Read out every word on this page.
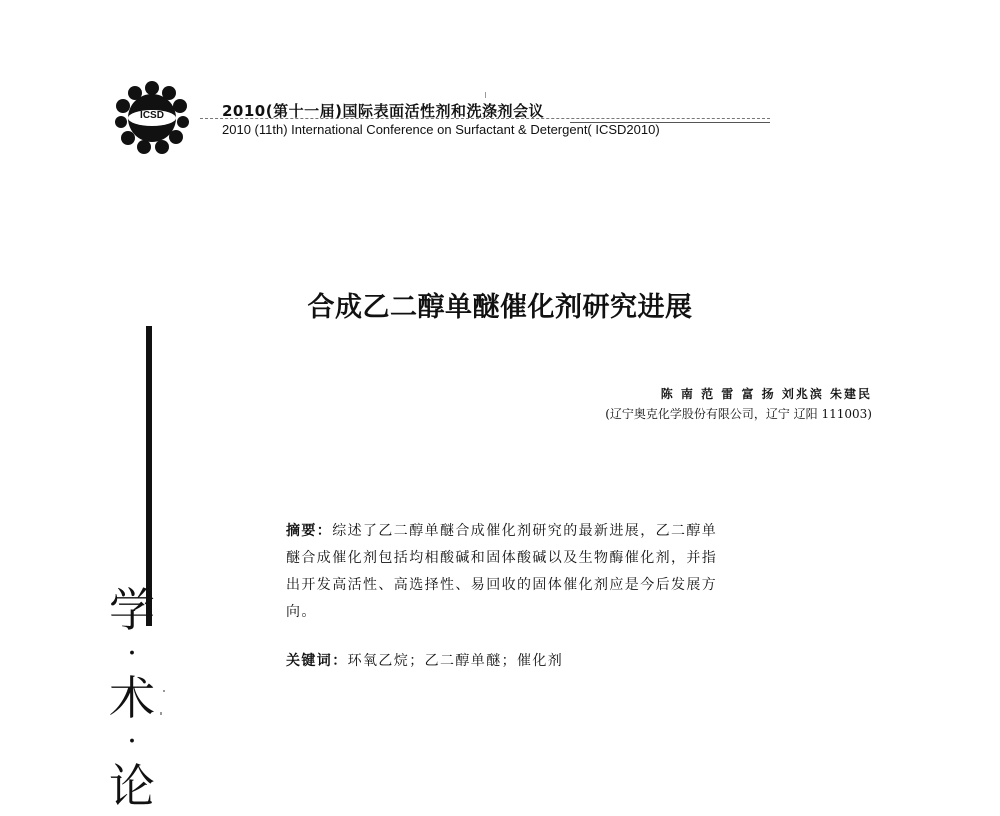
ICSD	2010(第十一届)国际表面活性剂和洗涤剂会议
2010 (11th) International Conference on Surfactant & Detergent( ICSD2010)
合成乙二醇单醚催化剂研究进展
陈 南 范 雷 富 扬 刘兆滨 朱建民
(辽宁奥克化学股份有限公司，辽宁 辽阳 111003)
学
·
术
·
论
摘要：综述了乙二醇单醚合成催化剂研究的最新进展，乙二醇单
醚合成催化剂包括均相酸碱和固体酸碱以及生物酶催化剂，并指
出开发高活性、高选择性、易回收的固体催化剂应是今后发展方
向。
关键词：环氧乙烷；乙二醇单醚；催化剂
